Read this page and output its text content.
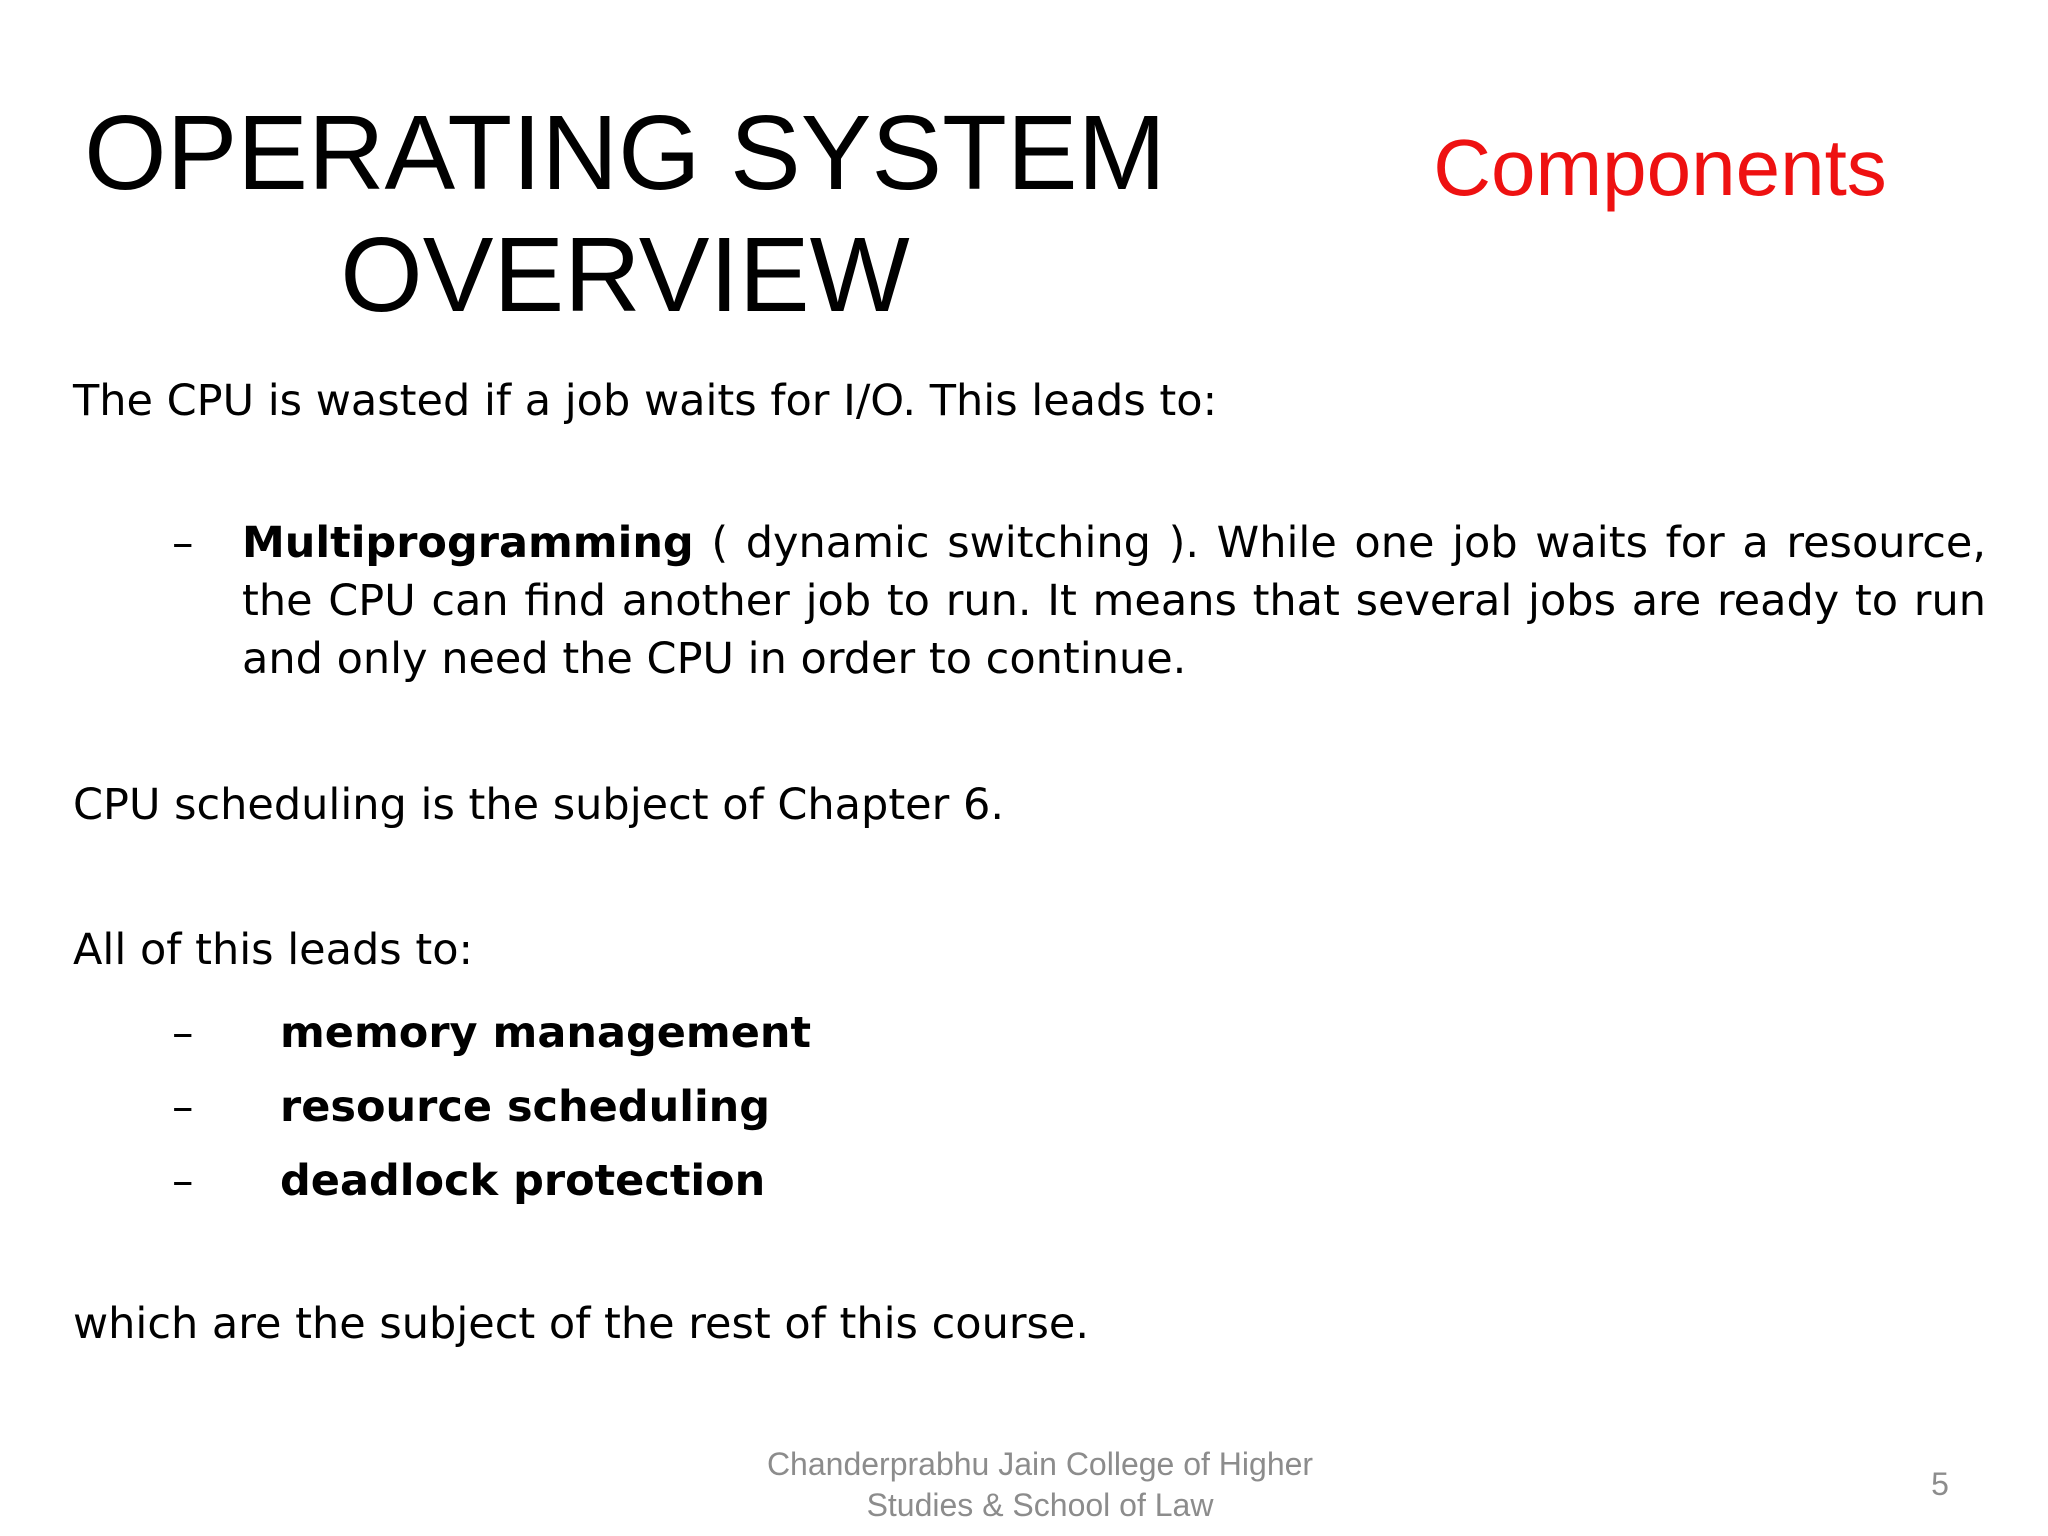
OPERATING SYSTEM
OVERVIEW
Components

The CPU is wasted if a job waits for I/O. This leads to:

– Multiprogramming ( dynamic switching ). While one job waits for a resource, the CPU can find another job to run. It means that several jobs are ready to run and only need the CPU in order to continue.

CPU scheduling is the subject of Chapter 6.

All of this leads to:

– memory management
– resource scheduling
– deadlock protection

which are the subject of the rest of this course.

Chanderprabhu Jain College of Higher
Studies & School of Law
5
